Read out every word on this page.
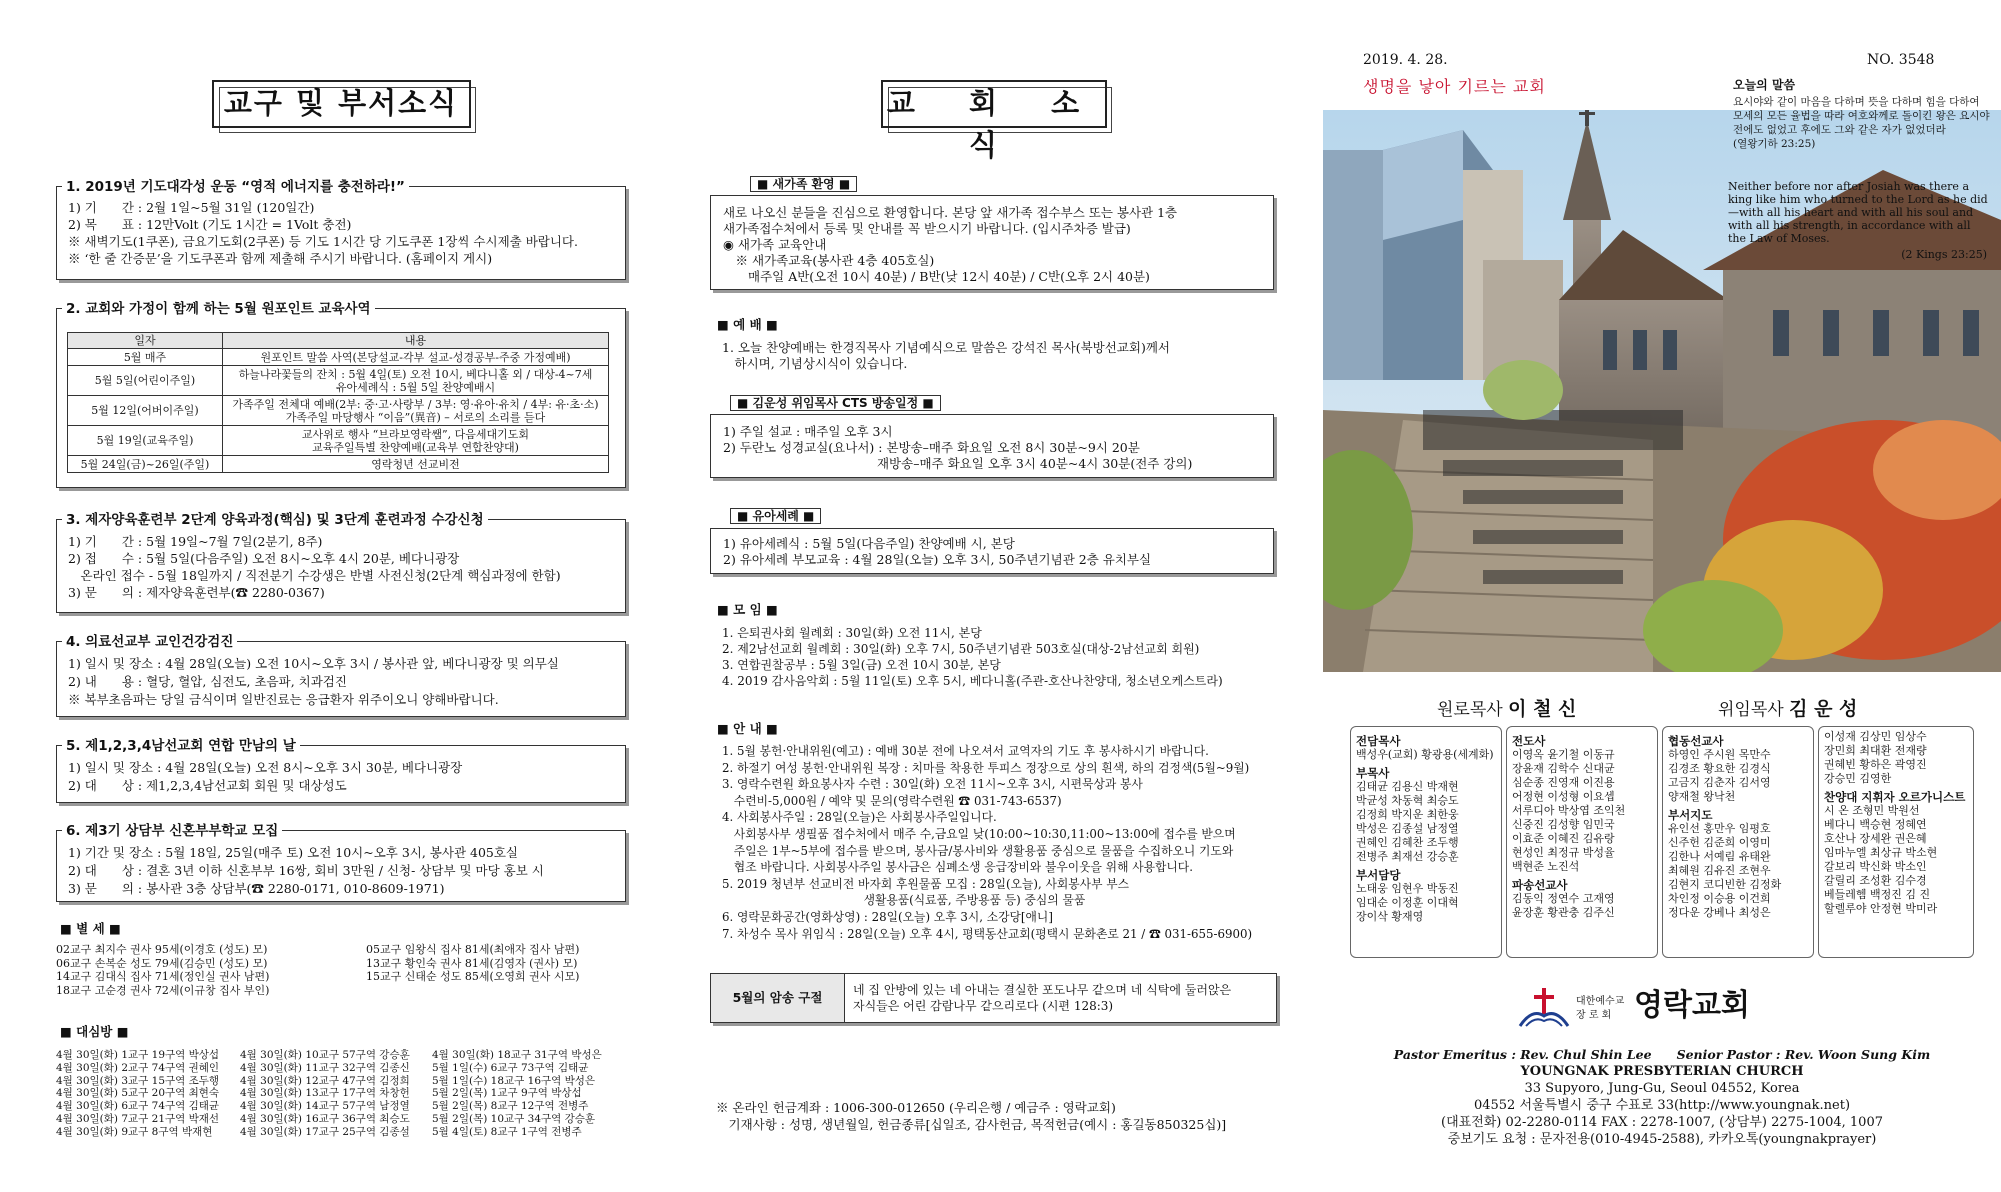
교구 및 부서소식
1. 2019년 기도대각성 운동 “영적 에너지를 충전하라!”
1) 기　　간 : 2월 1일~5월 31일 (120일간)
2) 목　　표 : 12만Volt (기도 1시간 = 1Volt 충전)
※ 새벽기도(1쿠폰), 금요기도회(2쿠폰) 등 기도 1시간 당 기도쿠폰 1장씩 수시제출 바랍니다.
※ ‘한 줄 간증문’을 기도쿠폰과 함께 제출해 주시기 바랍니다. (홈페이지 게시)
2. 교회와 가정이 함께 하는 5월 원포인트 교육사역
일자	내용
5월 매주	원포인트 말씀 사역(본당설교-각부 설교-성경공부-주중 가정예배)
5월 5일(어린이주일)	하늘나라꽃들의 잔치 : 5월 4일(토) 오전 10시, 베다니홀 외 / 대상-4~7세
유아세례식 : 5월 5일 찬양예배시
5월 12일(어버이주일)	가족주일 전체대 예배(2부: 중·고·사랑부 / 3부: 영·유아·유치 / 4부: 유·초·소)
가족주일 마당행사 “이음”(異音) – 서로의 소리를 듣다
5월 19일(교육주일)	교사위로 행사 “브라보영락쌤”, 다음세대기도회
교육주일특별 찬양예배(교육부 연합찬양대)
5월 24일(금)~26일(주일)	영락청년 선교비전
3. 제자양육훈련부 2단계 양육과정(핵심) 및 3단계 훈련과정 수강신청
1) 기　　간 : 5월 19일~7월 7일(2분기, 8주)
2) 접　　수 : 5월 5일(다음주일) 오전 8시~오후 4시 20분, 베다니광장
　온라인 접수 - 5월 18일까지 / 직전분기 수강생은 반별 사전신청(2단계 핵심과정에 한함)
3) 문　　의 : 제자양육훈련부(☎ 2280-0367)
4. 의료선교부 교인건강검진
1) 일시 및 장소 : 4월 28일(오늘) 오전 10시~오후 3시 / 봉사관 앞, 베다니광장 및 의무실
2) 내　　용 : 혈당, 혈압, 심전도, 초음파, 치과검진
※ 복부초음파는 당일 금식이며 일반진료는 응급환자 위주이오니 양해바랍니다.
5. 제1,2,3,4남선교회 연합 만남의 날
1) 일시 및 장소 : 4월 28일(오늘) 오전 8시~오후 3시 30분, 베다니광장
2) 대　　상 : 제1,2,3,4남선교회 회원 및 대상성도
6. 제3기 상담부 신혼부부학교 모집
1) 기간 및 장소 : 5월 18일, 25일(매주 토) 오전 10시~오후 3시, 봉사관 405호실
2) 대　　상 : 결혼 3년 이하 신혼부부 16쌍, 회비 3만원 / 신청- 상담부 및 마당 홍보 시
3) 문　　의 : 봉사관 3층 상담부(☎ 2280-0171, 010-8609-1971)
■ 별 세 ■
02교구 최지수 권사 95세(이경호 (성도) 모)
06교구 손복순 성도 79세(김승민 (성도) 모)
14교구 김대식 집사 71세(정인실 권사 남편)
18교구 고순경 권사 72세(이규창 집사 부인)
05교구 임왕식 집사 81세(최애자 집사 남편)
13교구 황인숙 권사 81세(김영자 (권사) 모)
15교구 신태순 성도 85세(오영희 권사 시모)
■ 대심방 ■
4월 30일(화) 1교구 19구역 박상섭
4월 30일(화) 2교구 74구역 권혜인
4월 30일(화) 3교구 15구역 조두행
4월 30일(화) 5교구 20구역 최현숙
4월 30일(화) 6교구 74구역 김태균
4월 30일(화) 7교구 21구역 박재선
4월 30일(화) 9교구 8구역 박재현
4월 30일(화) 10교구 57구역 강승훈
4월 30일(화) 11교구 32구역 김종신
4월 30일(화) 12교구 47구역 김정희
4월 30일(화) 13교구 17구역 차창헌
4월 30일(화) 14교구 57구역 남정열
4월 30일(화) 16교구 36구역 최승도
4월 30일(화) 17교구 25구역 김종설
4월 30일(화) 18교구 31구역 박성은
5월 1일(수) 6교구 73구역 김태균
5월 1일(수) 18교구 16구역 박성은
5월 2일(목) 1교구 9구역 박상섭
5월 2일(목) 8교구 12구역 전병주
5월 2일(목) 10교구 34구역 강승훈
5월 4일(토) 8교구 1구역 전병주
교 회 소 식
■ 새가족 환영 ■
새로 나오신 분들을 진심으로 환영합니다. 본당 앞 새가족 접수부스 또는 봉사관 1층
새가족접수처에서 등록 및 안내를 꼭 받으시기 바랍니다. (입시주차증 발급)
◉ 새가족 교육안내
　※ 새가족교육(봉사관 4층 405호실)
　　매주일 A반(오전 10시 40분) / B반(낮 12시 40분) / C반(오후 2시 40분)
■ 예 배 ■
1. 오늘 찬양예배는 한경직목사 기념예식으로 말씀은 강석진 목사(북방선교회)께서
　하시며, 기념상시식이 있습니다.
■ 김운성 위임목사 CTS 방송일정 ■
1) 주일 설교 : 매주일 오후 3시
2) 두란노 성경교실(요나서) : 본방송–매주 화요일 오전 8시 30분~9시 20분
　　　　　　　　　　　　 재방송–매주 화요일 오후 3시 40분~4시 30분(전주 강의)
■ 유아세례 ■
1) 유아세례식 : 5월 5일(다음주일) 찬양예배 시, 본당
2) 유아세례 부모교육 : 4월 28일(오늘) 오후 3시, 50주년기념관 2층 유치부실
■ 모 임 ■
1. 은퇴권사회 월례회 : 30일(화) 오전 11시, 본당
2. 제2남선교회 월례회 : 30일(화) 오후 7시, 50주년기념관 503호실(대상-2남선교회 회원)
3. 연합권찰공부 : 5월 3일(금) 오전 10시 30분, 본당
4. 2019 감사음악회 : 5월 11일(토) 오후 5시, 베다니홀(주관-호산나찬양대, 청소년오케스트라)
■ 안 내 ■
1. 5월 봉헌·안내위원(예고) : 예배 30분 전에 나오셔서 교역자의 기도 후 봉사하시기 바랍니다.
2. 하절기 여성 봉헌·안내위원 복장 : 치마를 착용한 투피스 정장으로 상의 흰색, 하의 검정색(5월~9월)
3. 영락수련원 화요봉사자 수련 : 30일(화) 오전 11시~오후 3시, 시편묵상과 봉사
　수련비-5,000원 / 예약 및 문의(영락수련원 ☎ 031-743-6537)
4. 사회봉사주일 : 28일(오늘)은 사회봉사주일입니다.
　사회봉사부 생필품 접수처에서 매주 수,금요일 낮(10:00~10:30,11:00~13:00에 접수를 받으며
　주일은 1부~5부에 접수를 받으며, 봉사금/봉사비와 생활용품 중심으로 물품을 수집하오니 기도와
　협조 바랍니다. 사회봉사주일 봉사금은 심폐소생 응급장비와 불우이웃을 위해 사용합니다.
5. 2019 청년부 선교비전 바자회 후원물품 모집 : 28일(오늘), 사회봉사부 부스
　　　　　　　　　　　　생활용품(식료품, 주방용품 등) 중심의 물품
6. 영락문화공간(영화상영) : 28일(오늘) 오후 3시, 소강당[애니]
7. 차성수 목사 위임식 : 28일(오늘) 오후 4시, 평택동산교회(평택시 문화촌로 21 / ☎ 031-655-6900)
5월의 암송 구절	네 집 안방에 있는 네 아내는 결실한 포도나무 같으며 네 식탁에 둘러앉은
자식들은 어린 감람나무 같으리로다 (시편 128:3)
※ 온라인 헌금계좌 : 1006-300-012650 (우리은행 / 예금주 : 영락교회)
　기재사항 : 성명, 생년월일, 헌금종류[십일조, 감사헌금, 목적헌금(예시 : 홍길동850325십)]
2019. 4. 28.
생명을 낳아 기르는 교회
NO. 3548
오늘의 말씀
요시야와 같이 마음을 다하며 뜻을 다하며 힘을 다하여 모세의 모든 율법을 따라 여호와께로 돌이킨 왕은 요시야 전에도 없었고 후에도 그와 같은 자가 없었더라　　　(열왕기하 23:25)
Neither before nor after Josiah was there a king like him who turned to the Lord as he did—with all his heart and with all his soul and with all his strength, in accordance with all the Law of Moses.
(2 Kings 23:25)
원로목사 이 철 신	위임목사 김 운 성
전담목사
백성우(교회) 황광용(세계화)
부목사
김태균 김용신 박재현
박균성 차동혁 최승도
김정희 박지운 최한웅
박성은 김종설 남정열
권혜인 김혜찬 조두행
전병주 최재선 강승훈
부서담당
노태웅 임현우 박동진
임대순 이정훈 이대혁
장이삭 황재영
전도사
이영옥 윤기철 이동규
장윤재 김학수 신대균
심순종 진영재 이진용
어정현 이성형 이요셉
서루디아 박상엽 조익천
신중진 김성향 임민국
이효준 이혜진 김유랑
현성인 최정규 박성율
백현준 노진석
파송선교사
김동익 정연수 고재영
윤장훈 황관충 김주신
협동선교사
하영인 주시원 목만수
김경조 황요한 김경식
고금지 김춘자 김서영
양재철 왕낙천
부서지도
유인선 홍만우 임평호
신주헌 김준희 이영미
김한나 서예림 유태완
최혜원 김유진 조현우
김현지 코디빈한 김정화
차인정 이승용 이건희
정다운 강베나 최성은
이성재 김상민 임상수
장민희 최대환 전재량
권혜빈 황하은 곽영진
강승민 김영한
찬양대 지휘자 오르가니스트
시 온 조형민 박원선
베다니 백승현 정혜연
호산나 장세완 권은혜
임마누엘 최상규 박소현
갈보리 박신화 박소인
갈릴리 조성환 김수경
베들레헴 백정진 김 진
할렐루야 안정현 박미라
대한예수교
장 로 회 영락교회
Pastor Emeritus : Rev. Chul Shin Lee　　Senior Pastor : Rev. Woon Sung Kim
YOUNGNAK PRESBYTERIAN CHURCH
33 Supyoro, Jung-Gu, Seoul 04552, Korea
04552 서울특별시 중구 수표로 33(http://www.youngnak.net)
(대표전화) 02-2280-0114 FAX : 2278-1007, (상담부) 2275-1004, 1007
중보기도 요청 : 문자전용(010-4945-2588), 카카오톡(youngnakprayer)
